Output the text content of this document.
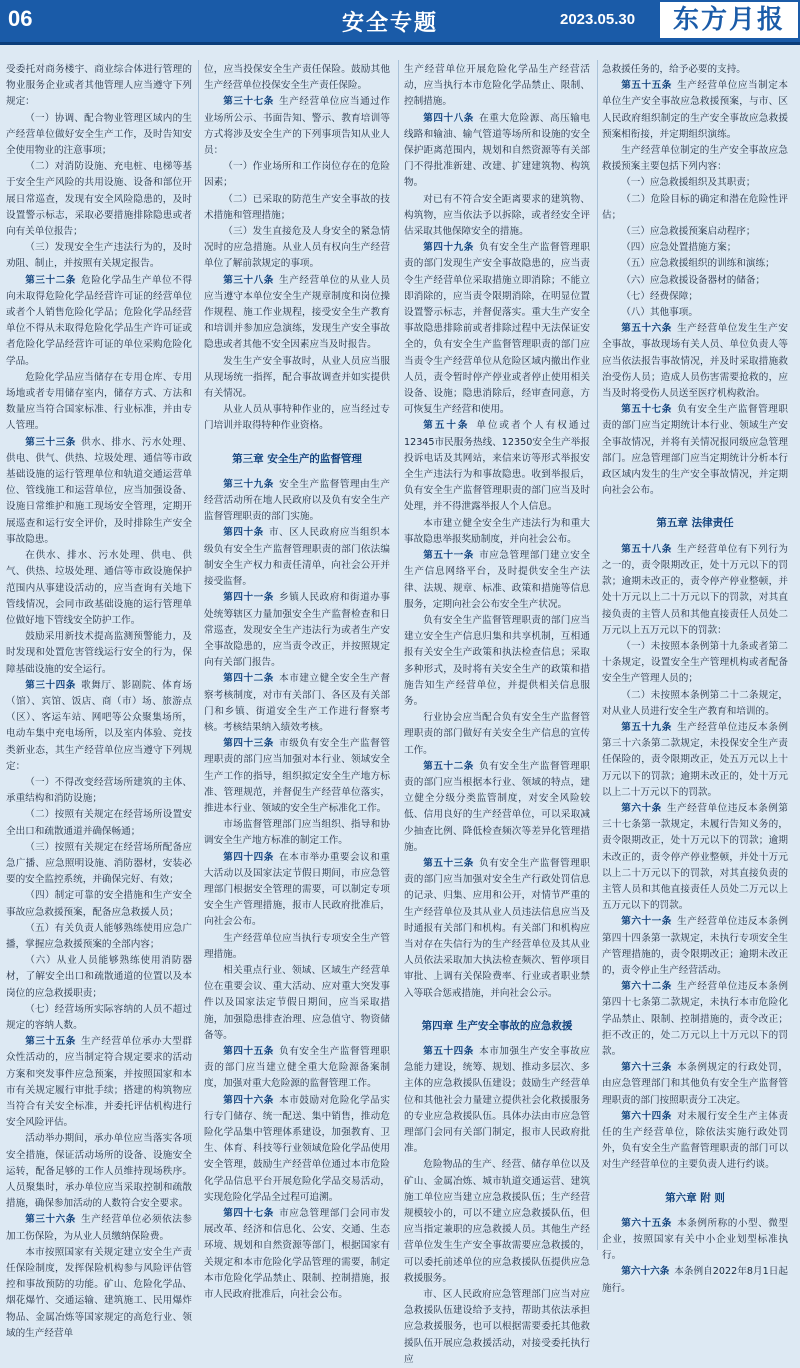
06	安全专题	2023.05.30	东方月报

受委托对商务楼宇、商业综合体进行管理的物业服务企业或者其他管理人应当遵守下列规定：

（一）协调、配合物业管理区域内的生产经营单位做好安全生产工作，及时告知安全使用物业的注意事项；

（二）对消防设施、充电桩、电梯等基于安全生产风险的共用设施、设备和部位开展日常巡查，发现有安全风险隐患的，及时设置警示标志，采取必要措施排除隐患或者向有关单位报告；

（三）发现安全生产违法行为的，及时劝阻、制止，并按照有关规定报告。

第三十二条  危险化学品生产单位不得向未取得危险化学品经营许可证的经营单位或者个人销售危险化学品；危险化学品经营单位不得从未取得危险化学品生产许可证或者危险化学品经营许可证的单位采购危险化学品。

危险化学品应当储存在专用仓库、专用场地或者专用储存室内，储存方式、方法和数量应当符合国家标准、行业标准，并由专人管理。

第三十三条  供水、排水、污水处理、供电、供气、供热、垃圾处理、通信等市政基础设施的运行管理单位和轨道交通运营单位、管线施工和运营单位，应当加强设备、设施日常维护和施工现场安全管理，定期开展巡查和运行安全评价，及时排除生产安全事故隐患。

在供水、排水、污水处理、供电、供气、供热、垃圾处理、通信等市政设施保护范围内从事建设活动的，应当查询有关地下管线情况，会同市政基础设施的运行管理单位做好地下管线安全防护工作。

鼓励采用新技术提高监测预警能力，及时发现和处置危害管线运行安全的行为，保障基础设施的安全运行。

第三十四条  歌舞厅、影剧院、体育场（馆）、宾馆、饭店、商（市）场、旅游点（区）、客运车站、网吧等公众聚集场所，电动车集中充电场所，以及室内体验、竞技类新业态，其生产经营单位应当遵守下列规定：

（一）不得改变经营场所建筑的主体、承重结构和消防设施；

（二）按照有关规定在经营场所设置安全出口和疏散通道并确保畅通；

（三）按照有关规定在经营场所配备应急广播、应急照明设施、消防器材，安装必要的安全监控系统，并确保完好、有效；

（四）制定可靠的安全措施和生产安全事故应急救援预案，配备应急救援人员；

（五）有关负责人能够熟练使用应急广播，掌握应急救援预案的全部内容；

（六）从业人员能够熟练使用消防器材，了解安全出口和疏散通道的位置以及本岗位的应急救援职责；

（七）经营场所实际容纳的人员不超过规定的容纳人数。

第三十五条  生产经营单位承办大型群众性活动的，应当制定符合规定要求的活动方案和突发事件应急预案，并按照国家和本市有关规定履行审批手续；搭建的构筑物应当符合有关安全标准，并委托评估机构进行安全风险评估。

活动举办期间，承办单位应当落实各项安全措施，保证活动场所的设备、设施安全运转，配备足够的工作人员维持现场秩序。人员聚集时，承办单位应当采取控制和疏散措施，确保参加活动的人数符合安全要求。

第三十六条  生产经营单位必须依法参加工伤保险，为从业人员缴纳保险费。

本市按照国家有关规定建立安全生产责任保险制度，发挥保险机构参与风险评估管控和事故预防的功能。矿山、危险化学品、烟花爆竹、交通运输、建筑施工、民用爆炸物品、金属冶炼等国家规定的高危行业、领域的生产经营单

位，应当投保安全生产责任保险。鼓励其他生产经营单位投保安全生产责任保险。

第三十七条  生产经营单位应当通过作业场所公示、书面告知、警示、教育培训等方式将涉及安全生产的下列事项告知从业人员：

（一）作业场所和工作岗位存在的危险因素；

（二）已采取的防范生产安全事故的技术措施和管理措施；

（三）发生直接危及人身安全的紧急情况时的应急措施。从业人员有权向生产经营单位了解前款规定的事项。

第三十八条  生产经营单位的从业人员应当遵守本单位安全生产规章制度和岗位操作规程、施工作业规程，接受安全生产教育和培训并参加应急演练，发现生产安全事故隐患或者其他不安全因素应当及时报告。

发生生产安全事故时，从业人员应当服从现场统一指挥，配合事故调查并如实提供有关情况。

从业人员从事特种作业的，应当经过专门培训并取得特种作业资格。

第三章 安全生产的监督管理

第三十九条  安全生产监督管理由生产经营活动所在地人民政府以及负有安全生产监督管理职责的部门实施。

第四十条  市、区人民政府应当组织本级负有安全生产监督管理职责的部门依法编制安全生产权力和责任清单，向社会公开并接受监督。

第四十一条  乡镇人民政府和街道办事处统筹辖区力量加强安全生产监督检查和日常巡查，发现安全生产违法行为或者生产安全事故隐患的，应当责令改正，并按照规定向有关部门报告。

第四十二条  本市建立健全安全生产督察考核制度，对市有关部门、各区及有关部门和乡镇、街道安全生产工作进行督察考核。考核结果纳入绩效考核。

第四十三条  市级负有安全生产监督管理职责的部门应当加强对本行业、领域安全生产工作的指导，组织拟定安全生产地方标准、管理规范，并督促生产经营单位落实，推进本行业、领域的安全生产标准化工作。

市场监督管理部门应当组织、指导和协调安全生产地方标准的制定工作。

第四十四条  在本市举办重要会议和重大活动以及国家法定节假日期间，市应急管理部门根据安全管理的需要，可以制定专项安全生产管理措施，报市人民政府批准后，向社会公布。

生产经营单位应当执行专项安全生产管理措施。

相关重点行业、领域、区域生产经营单位在重要会议、重大活动、应对重大突发事件以及国家法定节假日期间，应当采取措施，加强隐患排查治理、应急值守、物资储备等。

第四十五条  负有安全生产监督管理职责的部门应当建立健全重大危险源备案制度，加强对重大危险源的监督管理工作。

第四十六条  本市鼓励对危险化学品实行专门储存、统一配送、集中销售，推动危险化学品集中管理体系建设，加强教育、卫生、体育、科技等行业领域危险化学品使用安全管理，鼓励生产经营单位通过本市危险化学品信息平台开展危险化学品交易活动，实现危险化学品全过程可追溯。

第四十七条  市应急管理部门会同市发展改革、经济和信息化、公安、交通、生态环境、规划和自然资源等部门，根据国家有关规定和本市危险化学品管理的需要，制定本市危险化学品禁止、限制、控制措施，报市人民政府批准后，向社会公布。

生产经营单位开展危险化学品生产经营活动，应当执行本市危险化学品禁止、限制、控制措施。

第四十八条  在重大危险源、高压输电线路和输油、输气管道等场所和设施的安全保护距离范围内，规划和自然资源等有关部门不得批准新建、改建、扩建建筑物、构筑物。

对已有不符合安全距离要求的建筑物、构筑物，应当依法予以拆除，或者经安全评估采取其他保障安全的措施。

第四十九条  负有安全生产监督管理职责的部门发现生产安全事故隐患的，应当责令生产经营单位采取措施立即消除；不能立即消除的，应当责令限期消除，在明显位置设置警示标志，并督促落实。重大生产安全事故隐患排除前或者排除过程中无法保证安全的，负有安全生产监督管理职责的部门应当责令生产经营单位从危险区域内撤出作业人员，责令暂时停产停业或者停止使用相关设备、设施；隐患消除后，经审查同意，方可恢复生产经营和使用。

第五十条  单位或者个人有权通过12345市民服务热线、12350安全生产举报投诉电话及其网站，来信来访等形式举报安全生产违法行为和事故隐患。收到举报后，负有安全生产监督管理职责的部门应当及时处理，并不得泄露举报人个人信息。

本市建立健全安全生产违法行为和重大事故隐患举报奖励制度，并向社会公布。

第五十一条  市应急管理部门建立安全生产信息网络平台，及时提供安全生产法律、法规、规章、标准、政策和措施等信息服务，定期向社会公布安全生产状况。

负有安全生产监督管理职责的部门应当建立安全生产信息归集和共享机制，互相通报有关安全生产政策和执法检查信息；采取多种形式，及时将有关安全生产的政策和措施告知生产经营单位，并提供相关信息服务。

行业协会应当配合负有安全生产监督管理职责的部门做好有关安全生产信息的宣传工作。

第五十二条  负有安全生产监督管理职责的部门应当根据本行业、领域的特点，建立健全分级分类监管制度，对安全风险较低、信用良好的生产经营单位，可以采取减少抽查比例、降低检查频次等差异化管理措施。

第五十三条  负有安全生产监督管理职责的部门应当加强对安全生产行政处罚信息的记录、归集、应用和公开，对情节严重的生产经营单位及其从业人员违法信息应当及时通报有关部门和机构。有关部门和机构应当对存在失信行为的生产经营单位及其从业人员依法采取加大执法检查频次、暂停项目审批、上调有关保险费率、行业或者职业禁入等联合惩戒措施，并向社会公示。

第四章 生产安全事故的应急救援

第五十四条  本市加强生产安全事故应急能力建设，统筹、规划、推动多层次、多主体的应急救援队伍建设；鼓励生产经营单位和其他社会力量建立提供社会化救援服务的专业应急救援队伍。具体办法由市应急管理部门会同有关部门制定，报市人民政府批准。

危险物品的生产、经营、储存单位以及矿山、金属冶炼、城市轨道交通运营、建筑施工单位应当建立应急救援队伍；生产经营规模较小的，可以不建立应急救援队伍，但应当指定兼职的应急救援人员。其他生产经营单位发生生产安全事故需要应急救援的，可以委托前述单位的应急救援队伍提供应急救援服务。

市、区人民政府应急管理部门应当对应急救援队伍建设给予支持，帮助其依法承担应急救援服务，也可以根据需要委托其他救援队伍开展应急救援活动，对接受委托执行应

急救援任务的，给予必要的支持。

第五十五条  生产经营单位应当制定本单位生产安全事故应急救援预案，与市、区人民政府组织制定的生产安全事故应急救援预案相衔接，并定期组织演练。

生产经营单位制定的生产安全事故应急救援预案主要包括下列内容：

（一）应急救援组织及其职责；

（二）危险目标的确定和潜在危险性评估；

（三）应急救援预案启动程序；

（四）应急处置措施方案；

（五）应急救援组织的训练和演练；

（六）应急救援设备器材的储备；

（七）经费保障；

（八）其他事项。

第五十六条  生产经营单位发生生产安全事故，事故现场有关人员、单位负责人等应当依法报告事故情况，并及时采取措施救治受伤人员；造成人员伤害需要抢救的，应当及时将受伤人员送至医疗机构救治。

第五十七条  负有安全生产监督管理职责的部门应当定期统计本行业、领域生产安全事故情况，并将有关情况报同级应急管理部门。应急管理部门应当定期统计分析本行政区域内发生的生产安全事故情况，并定期向社会公布。

第五章 法律责任

第五十八条  生产经营单位有下列行为之一的，责令限期改正，处十万元以下的罚款；逾期未改正的，责令停产停业整顿，并处十万元以上二十万元以下的罚款，对其直接负责的主管人员和其他直接责任人员处二万元以上五万元以下的罚款：

（一）未按照本条例第十九条或者第二十条规定，设置安全生产管理机构或者配备安全生产管理人员的；

（二）未按照本条例第二十二条规定，对从业人员进行安全生产教育和培训的。

第五十九条  生产经营单位违反本条例第三十六条第二款规定，未投保安全生产责任保险的，责令限期改正，处五万元以上十万元以下的罚款；逾期未改正的，处十万元以上二十万元以下的罚款。

第六十条  生产经营单位违反本条例第三十七条第一款规定，未履行告知义务的，责令限期改正，处十万元以下的罚款；逾期未改正的，责令停产停业整顿，并处十万元以上二十万元以下的罚款，对其直接负责的主管人员和其他直接责任人员处二万元以上五万元以下的罚款。

第六十一条  生产经营单位违反本条例第四十四条第一款规定，未执行专项安全生产管理措施的，责令限期改正；逾期未改正的，责令停止生产经营活动。

第六十二条  生产经营单位违反本条例第四十七条第二款规定，未执行本市危险化学品禁止、限制、控制措施的，责令改正；拒不改正的，处二万元以上十万元以下的罚款。

第六十三条  本条例规定的行政处罚，由应急管理部门和其他负有安全生产监督管理职责的部门按照职责分工决定。

第六十四条  对未履行安全生产主体责任的生产经营单位，除依法实施行政处罚外，负有安全生产监督管理职责的部门可以对生产经营单位的主要负责人进行约谈。

第六章 附 则

第六十五条  本条例所称的小型、微型企业，按照国家有关中小企业划型标准执行。

第六十六条  本条例自2022年8月1日起施行。
